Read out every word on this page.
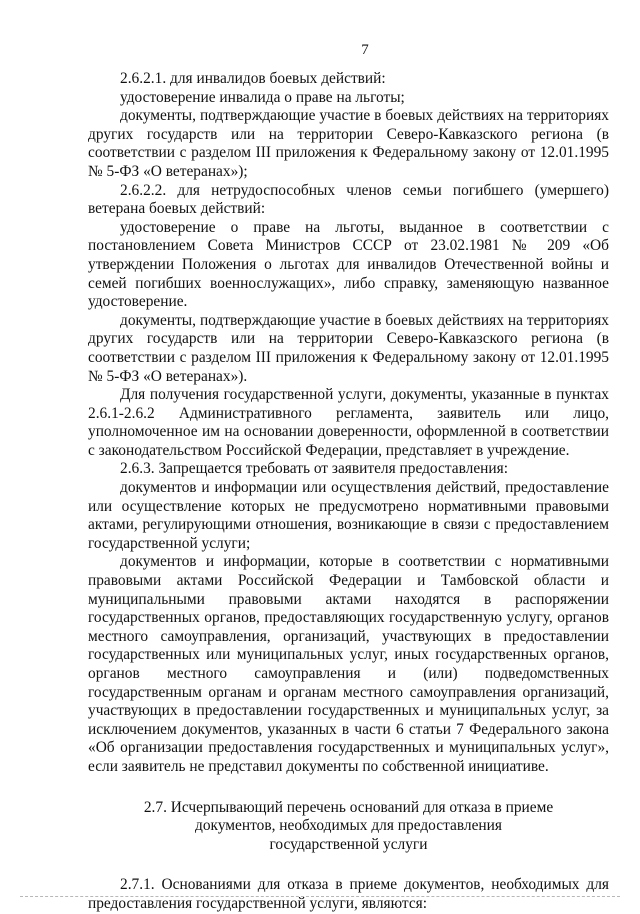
7

2.6.2.1. для инвалидов боевых действий:

удостоверение инвалида о праве на льготы;

документы, подтверждающие участие в боевых действиях на территориях других государств или на территории Северо-Кавказского региона (в соответствии с разделом III приложения к Федеральному закону от 12.01.1995 № 5-ФЗ «О ветеранах»);

2.6.2.2. для нетрудоспособных членов семьи погибшего (умершего) ветерана боевых действий:

удостоверение о праве на льготы, выданное в соответствии с постановлением Совета Министров СССР от 23.02.1981 № 209 «Об утверждении Положения о льготах для инвалидов Отечественной войны и семей погибших военнослужащих», либо справку, заменяющую названное удостоверение.

документы, подтверждающие участие в боевых действиях на территориях других государств или на территории Северо-Кавказского региона (в соответствии с разделом III приложения к Федеральному закону от 12.01.1995 № 5-ФЗ «О ветеранах»).

Для получения государственной услуги, документы, указанные в пунктах 2.6.1-2.6.2 Административного регламента, заявитель или лицо, уполномоченное им на основании доверенности, оформленной в соответствии с законодательством Российской Федерации, представляет в учреждение.

2.6.3. Запрещается требовать от заявителя предоставления:

документов и информации или осуществления действий, предоставление или осуществление которых не предусмотрено нормативными правовыми актами, регулирующими отношения, возникающие в связи с предоставлением государственной услуги;

документов и информации, которые в соответствии с нормативными правовыми актами Российской Федерации и Тамбовской области и муниципальными правовыми актами находятся в распоряжении государственных органов, предоставляющих государственную услугу, органов местного самоуправления, организаций, участвующих в предоставлении государственных или муниципальных услуг, иных государственных органов, органов местного самоуправления и (или) подведомственных государственным органам и органам местного самоуправления организаций, участвующих в предоставлении государственных и муниципальных услуг, за исключением документов, указанных в части 6 статьи 7 Федерального закона «Об организации предоставления государственных и муниципальных услуг», если заявитель не представил документы по собственной инициативе.

2.7. Исчерпывающий перечень оснований для отказа в приеме
документов, необходимых для предоставления
государственной услуги

2.7.1. Основаниями для отказа в приеме документов, необходимых для предоставления государственной услуги, являются:
